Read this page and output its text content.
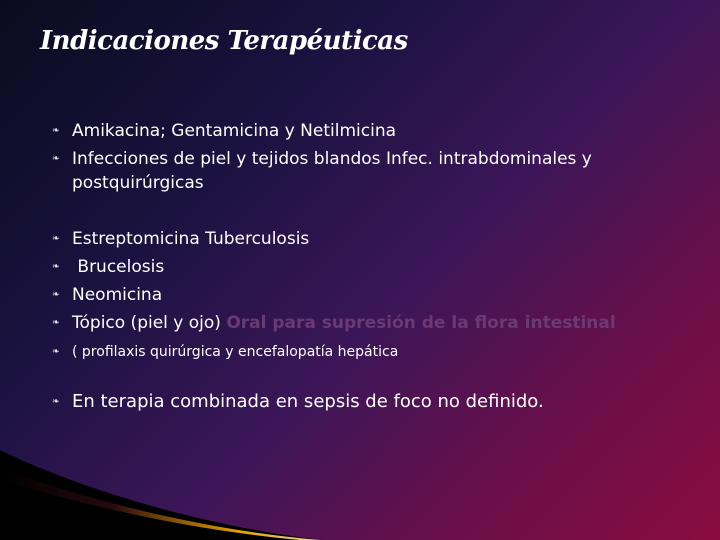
Indicaciones Terapéuticas
❧ Amikacina; Gentamicina y Netilmicina
❧ Infecciones de piel y tejidos blandos Infec. intrabdominales y postquirúrgicas
❧ Estreptomicina Tuberculosis
❧ Brucelosis
❧ Neomicina
❧ Tópico (piel y ojo) Oral para supresión de la flora intestinal
❧ ( profilaxis quirúrgica y encefalopatía hepática
❧ En terapia combinada en sepsis de foco no definido.
